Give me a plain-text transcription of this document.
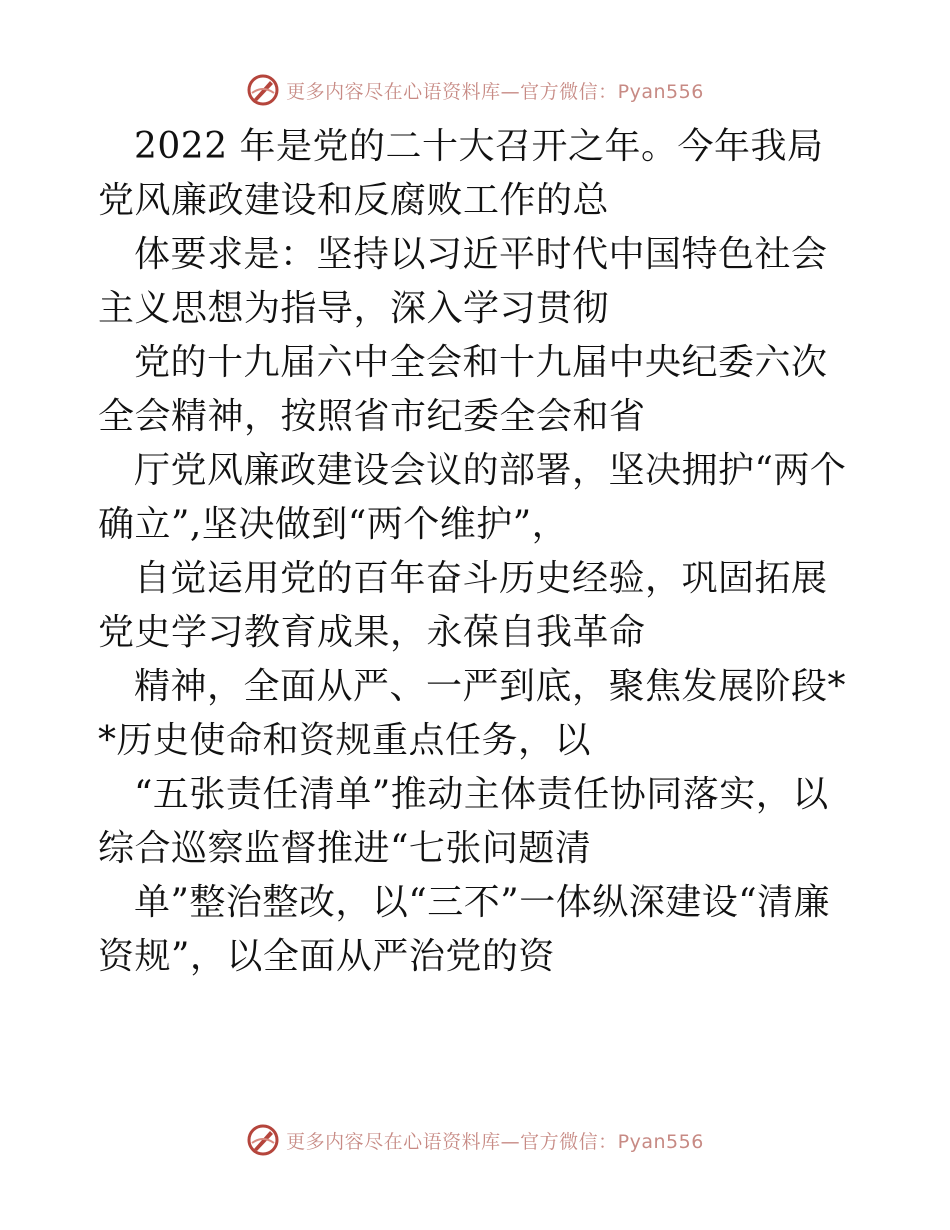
更多内容尽在心语资料库—官方微信：Pyan556

2022 年是党的二十大召开之年。今年我局党风廉政建设和反腐败工作的总

体要求是：坚持以习近平时代中国特色社会主义思想为指导，深入学习贯彻

党的十九届六中全会和十九届中央纪委六次全会精神，按照省市纪委全会和省

厅党风廉政建设会议的部署，坚决拥护“两个确立”,坚决做到“两个维护”，

自觉运用党的百年奋斗历史经验，巩固拓展党史学习教育成果，永葆自我革命

精神，全面从严、一严到底，聚焦发展阶段**历史使命和资规重点任务，以

“五张责任清单”推动主体责任协同落实，以综合巡察监督推进“七张问题清

单”整治整改，以“三不”一体纵深建设“清廉资规”，以全面从严治党的资

更多内容尽在心语资料库—官方微信：Pyan556
